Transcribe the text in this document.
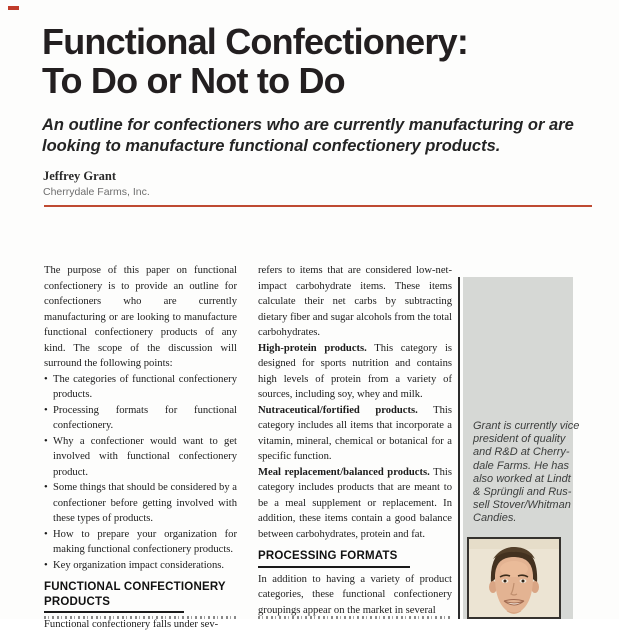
Functional Confectionery:
To Do or Not to Do
An outline for confectioners who are currently manufacturing or are looking to manufacture functional confectionery products.
Jeffrey Grant
Cherrydale Farms, Inc.

The purpose of this paper on functional confectionery is to provide an outline for confectioners who are currently manufacturing or are looking to manufacture functional confectionery products of any kind. The scope of the discussion will surround the following points:

• The categories of functional confectionery products.
• Processing formats for functional confectionery.
• Why a confectioner would want to get involved with functional confectionery product.
• Some things that should be considered by a confectioner before getting involved with these types of products.
• How to prepare your organization for making functional confectionery products.
• Key organization impact considerations.
FUNCTIONAL CONFECTIONERY PRODUCTS

Functional confectionery falls under sev-

refers to items that are considered low-net-impact carbohydrate items. These items calculate their net carbs by subtracting dietary fiber and sugar alcohols from the total carbohydrates.

High-protein products. This category is designed for sports nutrition and contains high levels of protein from a variety of sources, including soy, whey and milk.

Nutraceutical/fortified products. This category includes all items that incorporate a vitamin, mineral, chemical or botanical for a specific function.

Meal replacement/balanced products. This category includes products that are meant to be a meal supplement or replacement. In addition, these items contain a good balance between carbohydrates, protein and fat.

PROCESSING FORMATS

In addition to having a variety of product categories, these functional confectionery groupings appear on the market in several

Grant is currently vice
president of quality
and R&D at Cherry-
dale Farms. He has
also worked at Lindt
& Sprüngli and Rus-
sell Stover/Whitman
Candies.
